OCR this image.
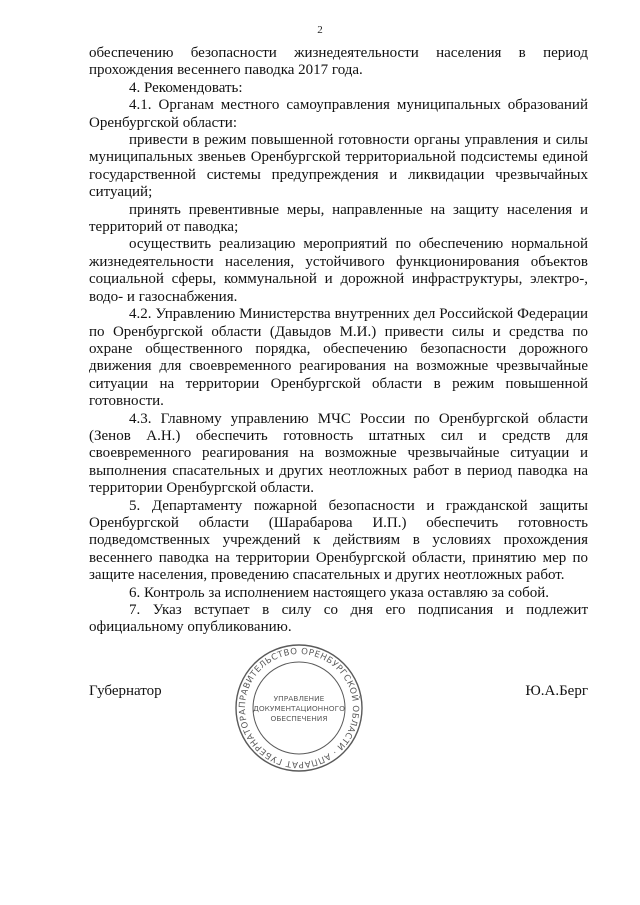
2

обеспечению безопасности жизнедеятельности населения в период прохождения весеннего паводка 2017 года.

4. Рекомендовать:

4.1. Органам местного самоуправления муниципальных образований Оренбургской области:

привести в режим повышенной готовности органы управления и силы муниципальных звеньев Оренбургской территориальной подсистемы единой государственной системы предупреждения и ликвидации чрезвычайных ситуаций;

принять превентивные меры, направленные на защиту населения и территорий от паводка;

осуществить реализацию мероприятий по обеспечению нормальной жизнедеятельности населения, устойчивого функционирования объектов социальной сферы, коммунальной и дорожной инфраструктуры, электро-, водо- и газоснабжения.

4.2. Управлению Министерства внутренних дел Российской Федерации по Оренбургской области (Давыдов М.И.) привести силы и средства по охране общественного порядка, обеспечению безопасности дорожного движения для своевременного реагирования на возможные чрезвычайные ситуации на территории Оренбургской области в режим повышенной готовности.

4.3. Главному управлению МЧС России по Оренбургской области (Зенов А.Н.) обеспечить готовность штатных сил и средств для своевременного реагирования на возможные чрезвычайные ситуации и выполнения спасательных и других неотложных работ в период паводка на территории Оренбургской области.

5. Департаменту пожарной безопасности и гражданской защиты Оренбургской области (Шарабарова И.П.) обеспечить готовность подведомственных учреждений к действиям в условиях прохождения весеннего паводка на территории Оренбургской области, принятию мер по защите населения, проведению спасательных и других неотложных работ.

6. Контроль за исполнением настоящего указа оставляю за собой.

7. Указ вступает в силу со дня его подписания и подлежит официальному опубликованию.

Губернатор	Ю.А.Берг
ПРАВИТЕЛЬСТВО ОРЕНБУРГСКОЙ ОБЛАСТИ · АППАРАТ ГУБЕРНАТОРА
УПРАВЛЕНИЕ
ДОКУМЕНТАЦИОННОГО
ОБЕСПЕЧЕНИЯ
